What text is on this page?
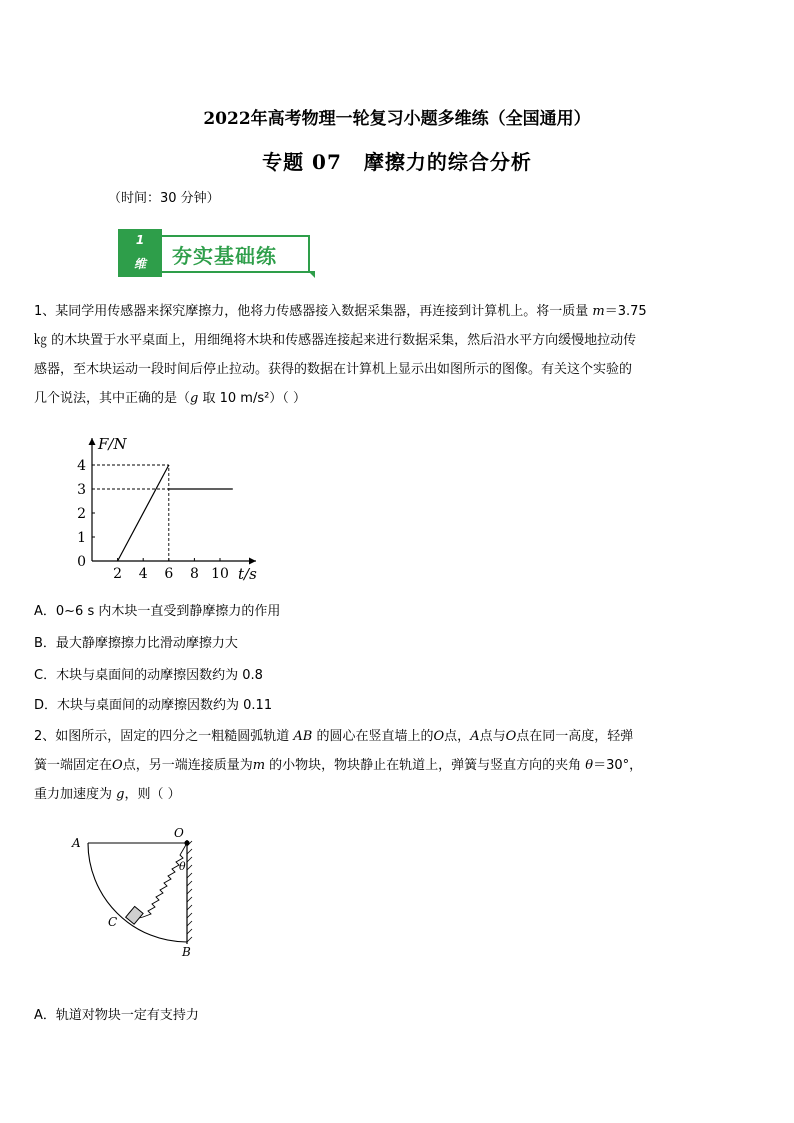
2022年高考物理一轮复习小题多维练（全国通用）
专题 07 摩擦力的综合分析
（时间：30 分钟）
1
维	夯实基础练
1、某同学用传感器来探究摩擦力，他将力传感器接入数据采集器，再连接到计算机上。将一质量 m＝3.75
㎏ 的木块置于水平桌面上，用细绳将木块和传感器连接起来进行数据采集，然后沿水平方向缓慢地拉动传
感器，至木块运动一段时间后停止拉动。获得的数据在计算机上显示出如图所示的图像。有关这个实验的
几个说法，其中正确的是（g 取 10 m/s²）（ ）
F/N
t/s
2 4 6 8 10
0
1
2
3
4
A．0~6 s 内木块一直受到静摩擦力的作用
B．最大静摩擦擦力比滑动摩擦力大
C．木块与桌面间的动摩擦因数约为 0.8
D．木块与桌面间的动摩擦因数约为 0.11
2、如图所示，固定的四分之一粗糙圆弧轨道 AB 的圆心在竖直墙上的O点，A点与O点在同一高度，轻弹
簧一端固定在O点，另一端连接质量为m 的小物块，物块静止在轨道上，弹簧与竖直方向的夹角 θ＝30°，
重力加速度为 g，则（ ）
A
O
θ
C
B
A．轨道对物块一定有支持力
